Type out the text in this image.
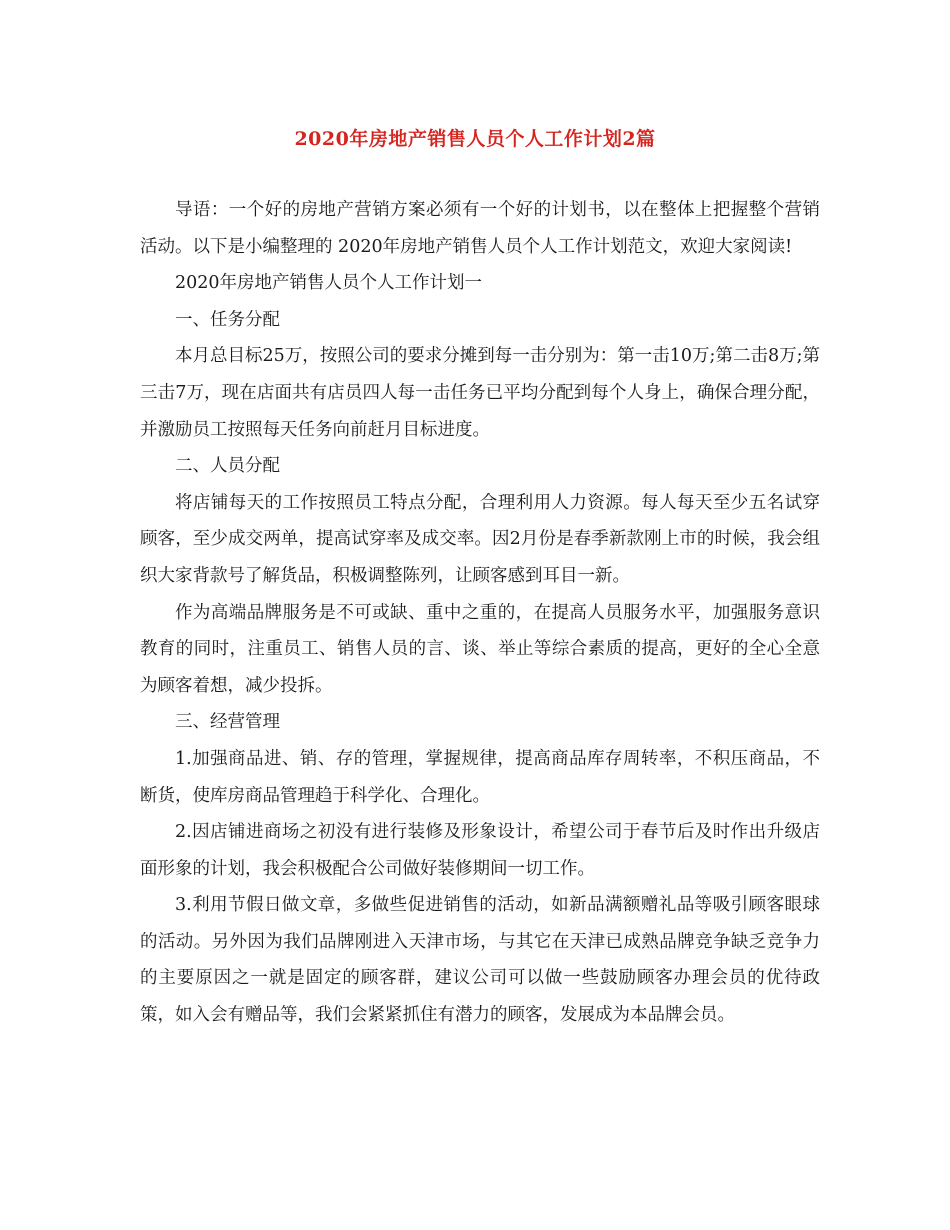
2020年房地产销售人员个人工作计划2篇

导语：一个好的房地产营销方案必须有一个好的计划书，以在整体上把握整个营销活动。以下是小编整理的 2020年房地产销售人员个人工作计划范文，欢迎大家阅读!

2020年房地产销售人员个人工作计划一

一、任务分配

本月总目标25万，按照公司的要求分摊到每一击分别为：第一击10万;第二击8万;第三击7万，现在店面共有店员四人每一击任务已平均分配到每个人身上，确保合理分配，并激励员工按照每天任务向前赶月目标进度。

二、人员分配

将店铺每天的工作按照员工特点分配，合理利用人力资源。每人每天至少五名试穿顾客，至少成交两单，提高试穿率及成交率。因2月份是春季新款刚上市的时候，我会组织大家背款号了解货品，积极调整陈列，让顾客感到耳目一新。

作为高端品牌服务是不可或缺、重中之重的，在提高人员服务水平，加强服务意识教育的同时，注重员工、销售人员的言、谈、举止等综合素质的提高，更好的全心全意为顾客着想，减少投拆。

三、经营管理

1.加强商品进、销、存的管理，掌握规律，提高商品库存周转率，不积压商品，不断货，使库房商品管理趋于科学化、合理化。

2.因店铺进商场之初没有进行装修及形象设计，希望公司于春节后及时作出升级店面形象的计划，我会积极配合公司做好装修期间一切工作。

3.利用节假日做文章，多做些促进销售的活动，如新品满额赠礼品等吸引顾客眼球的活动。另外因为我们品牌刚进入天津市场，与其它在天津已成熟品牌竞争缺乏竞争力的主要原因之一就是固定的顾客群，建议公司可以做一些鼓励顾客办理会员的优待政策，如入会有赠品等，我们会紧紧抓住有潜力的顾客，发展成为本品牌会员。
